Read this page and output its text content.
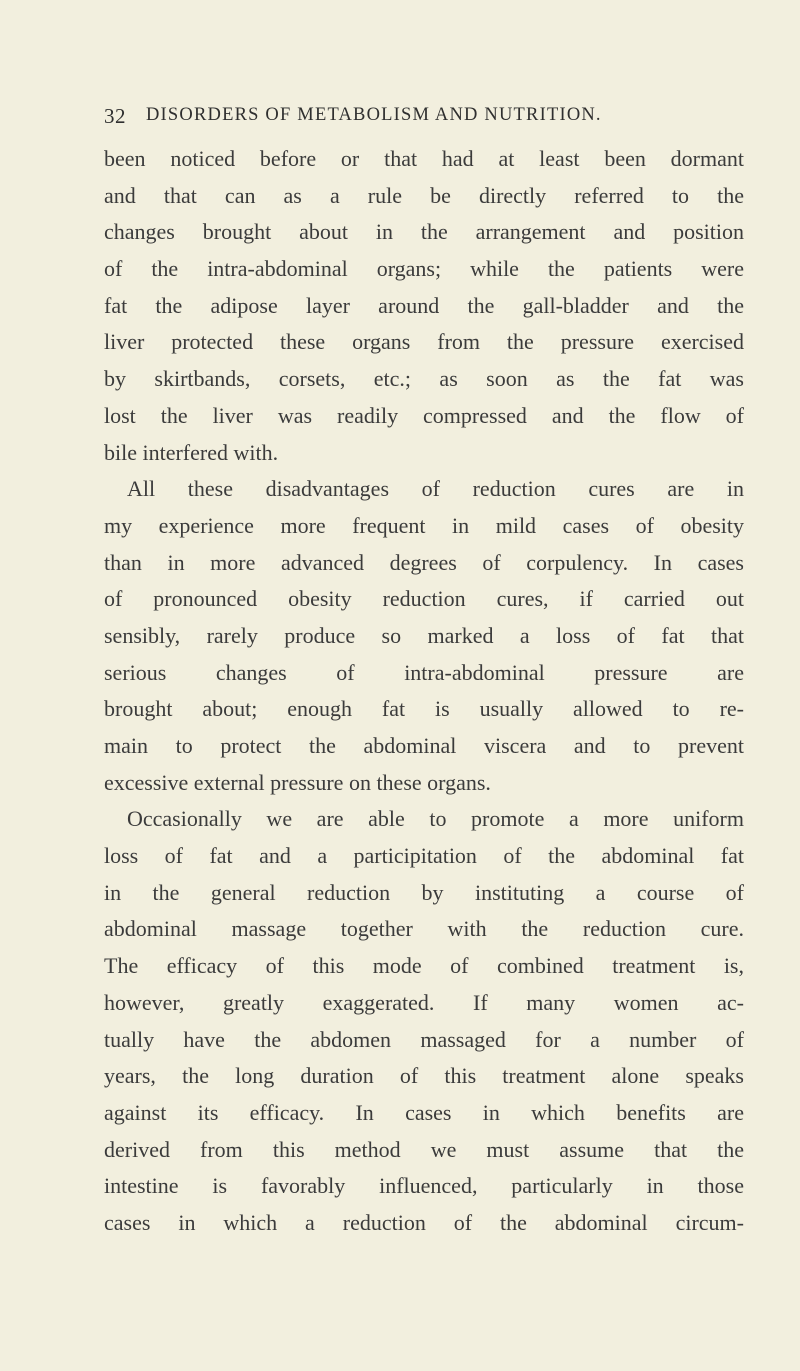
32 DISORDERS OF METABOLISM AND NUTRITION.
been noticed before or that had at least been dormant
and that can as a rule be directly referred to the
changes brought about in the arrangement and position
of the intra-abdominal organs; while the patients were
fat the adipose layer around the gall-bladder and the
liver protected these organs from the pressure exercised
by skirtbands, corsets, etc.; as soon as the fat was
lost the liver was readily compressed and the flow of
bile interfered with.
All these disadvantages of reduction cures are in
my experience more frequent in mild cases of obesity
than in more advanced degrees of corpulency. In cases
of pronounced obesity reduction cures, if carried out
sensibly, rarely produce so marked a loss of fat that
serious changes of intra-abdominal pressure are
brought about; enough fat is usually allowed to re-
main to protect the abdominal viscera and to prevent
excessive external pressure on these organs.
Occasionally we are able to promote a more uniform
loss of fat and a participitation of the abdominal fat
in the general reduction by instituting a course of
abdominal massage together with the reduction cure.
The efficacy of this mode of combined treatment is,
however, greatly exaggerated. If many women ac-
tually have the abdomen massaged for a number of
years, the long duration of this treatment alone speaks
against its efficacy. In cases in which benefits are
derived from this method we must assume that the
intestine is favorably influenced, particularly in those
cases in which a reduction of the abdominal circum-
